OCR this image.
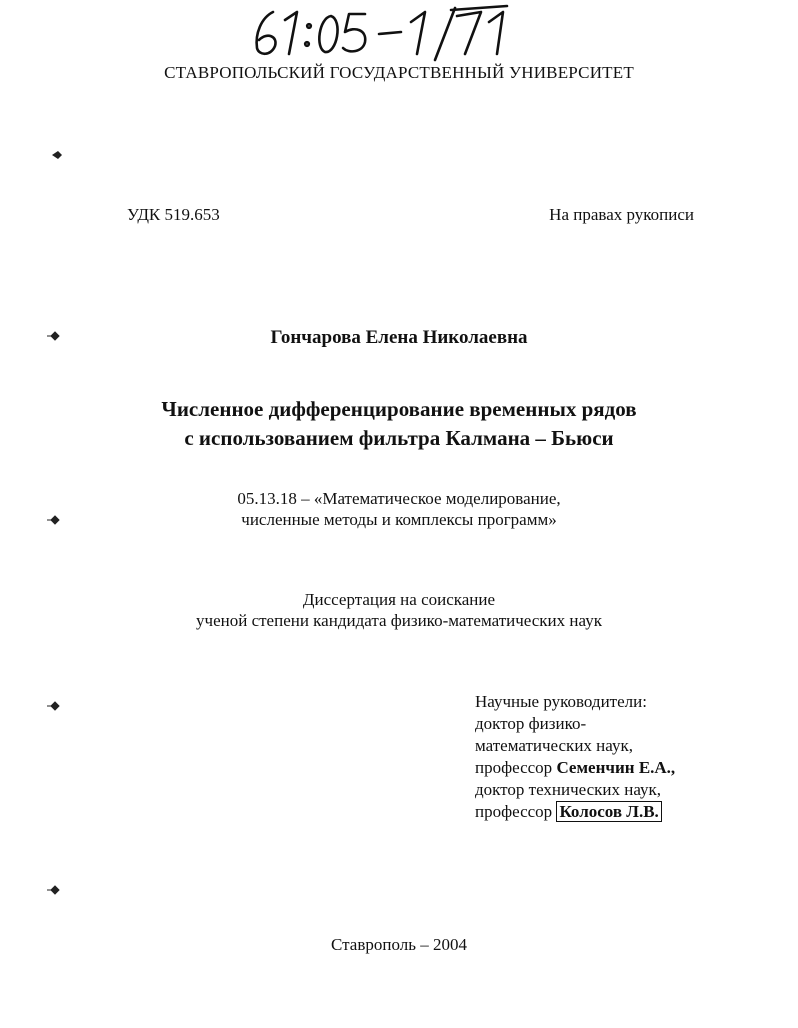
СТАВРОПОЛЬСКИЙ ГОСУДАРСТВЕННЫЙ УНИВЕРСИТЕТ
УДК 519.653	На правах рукописи
Гончарова Елена Николаевна
Численное дифференцирование временных рядов
с использованием фильтра Калмана – Бьюси
05.13.18 – «Математическое моделирование,
численные методы и комплексы программ»
Диссертация на соискание
ученой степени кандидата физико-математических наук
Научные руководители:
доктор физико-
математических наук,
профессор Семенчин Е.А.,
доктор технических наук,
профессор Колосов Л.В.
Ставрополь – 2004
